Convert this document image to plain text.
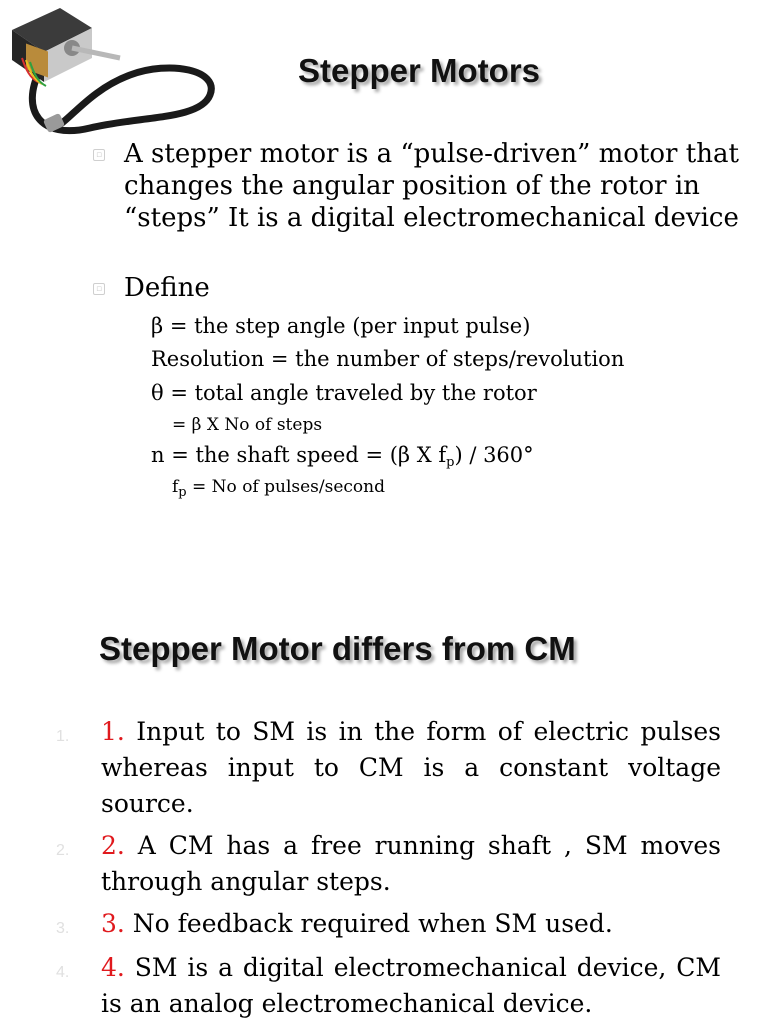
Stepper Motors
▫ A stepper motor is a “pulse-driven” motor that changes the angular position of the rotor in “steps” It is a digital electromechanical device
▫ Define
β = the step angle (per input pulse)
Resolution = the number of steps/revolution
θ = total angle traveled by the rotor
= β X No of steps
n = the shaft speed = (β X $f_p) / 360^\circ$
$f_p = No$ of pulses/second
Stepper Motor differs from CM
1. 1. Input to SM is in the form of electric pulses whereas input to CM is a constant voltage source.
2. 2. A CM has a free running shaft , SM moves through angular steps.
3. 3. No feedback required when SM used.
4. 4. SM is a digital electromechanical device, CM is an analog electromechanical device.
